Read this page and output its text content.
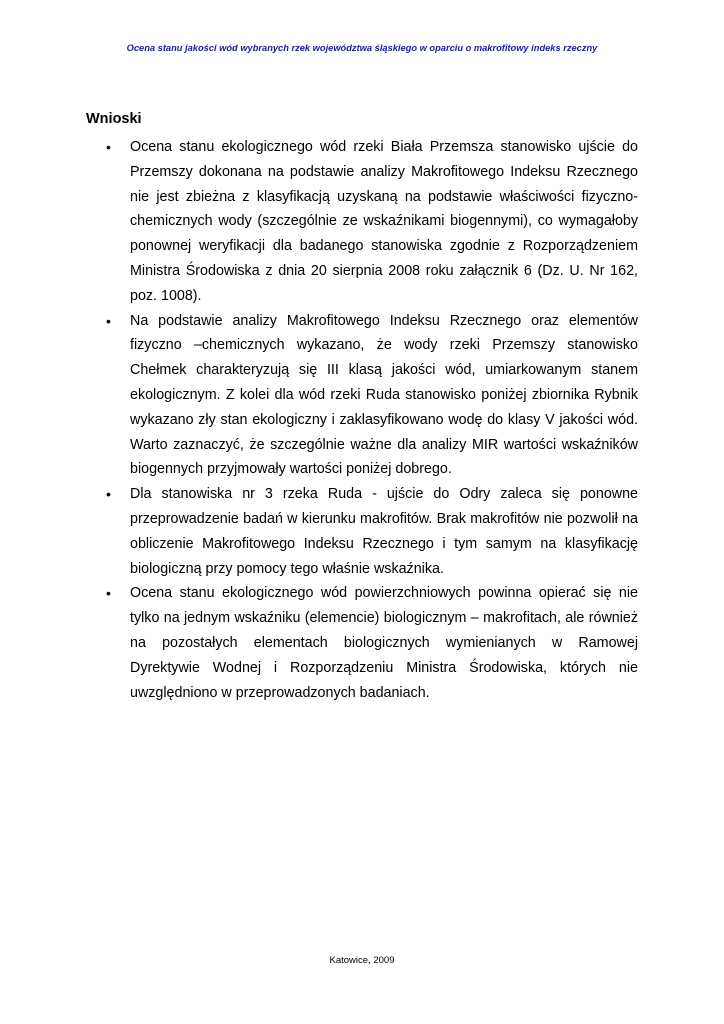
Ocena stanu jakości wód wybranych rzek województwa śląskiego w oparciu o makrofitowy indeks rzeczny
Wnioski
• Ocena stanu ekologicznego wód rzeki Biała Przemsza stanowisko ujście do Przemszy dokonana na podstawie analizy Makrofitowego Indeksu Rzecznego nie jest zbieżna z klasyfikacją uzyskaną na podstawie właściwości fizyczno-chemicznych wody (szczególnie ze wskaźnikami biogennymi), co wymagałoby ponownej weryfikacji dla badanego stanowiska zgodnie z Rozporządzeniem Ministra Środowiska z dnia 20 sierpnia 2008 roku załącznik 6 (Dz. U. Nr 162, poz. 1008).
• Na podstawie analizy Makrofitowego Indeksu Rzecznego oraz elementów fizyczno –chemicznych wykazano, że wody rzeki Przemszy stanowisko Chełmek charakteryzują się III klasą jakości wód, umiarkowanym stanem ekologicznym. Z kolei dla wód rzeki Ruda stanowisko poniżej zbiornika Rybnik wykazano zły stan ekologiczny i zaklasyfikowano wodę do klasy V jakości wód. Warto zaznaczyć, że szczególnie ważne dla analizy MIR wartości wskaźników biogennych przyjmowały wartości poniżej dobrego.
• Dla stanowiska nr 3 rzeka Ruda - ujście do Odry zaleca się ponowne przeprowadzenie badań w kierunku makrofitów. Brak makrofitów nie pozwolił na obliczenie Makrofitowego Indeksu Rzecznego i tym samym na klasyfikację biologiczną przy pomocy tego właśnie wskaźnika.
• Ocena stanu ekologicznego wód powierzchniowych powinna opierać się nie tylko na jednym wskaźniku (elemencie) biologicznym – makrofitach, ale również na pozostałych elementach biologicznych wymienianych w Ramowej Dyrektywie Wodnej i Rozporządzeniu Ministra Środowiska, których nie uwzględniono w przeprowadzonych badaniach.
Katowice, 2009
